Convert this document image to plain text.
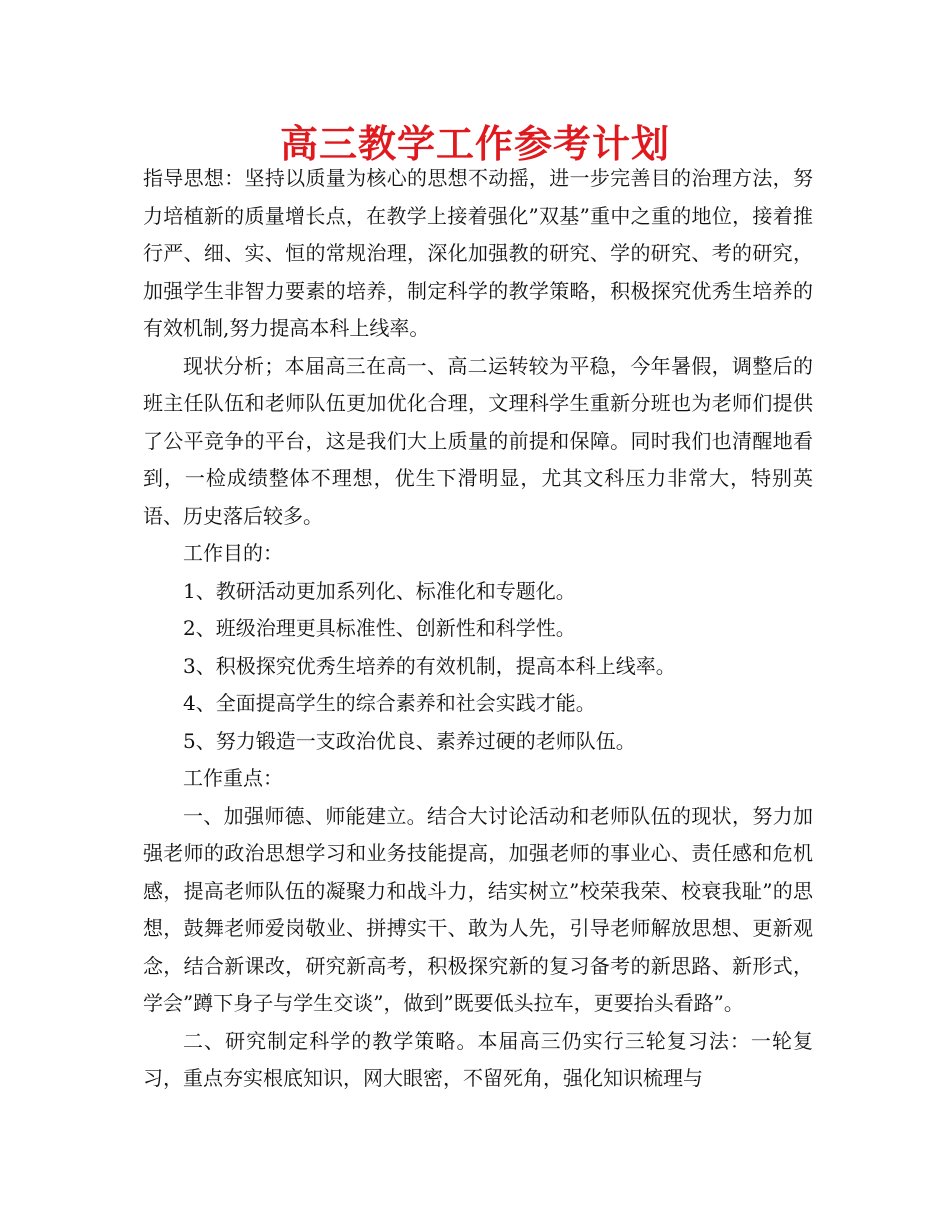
高三教学工作参考计划

指导思想：坚持以质量为核心的思想不动摇，进一步完善目的治理方法，努力培植新的质量增长点，在教学上接着强化”双基”重中之重的地位，接着推行严、细、实、恒的常规治理，深化加强教的研究、学的研究、考的研究，加强学生非智力要素的培养，制定科学的教学策略，积极探究优秀生培养的有效机制,努力提高本科上线率。

现状分析；本届高三在高一、高二运转较为平稳，今年暑假，调整后的班主任队伍和老师队伍更加优化合理，文理科学生重新分班也为老师们提供了公平竞争的平台，这是我们大上质量的前提和保障。同时我们也清醒地看到，一检成绩整体不理想，优生下滑明显，尤其文科压力非常大，特别英语、历史落后较多。

工作目的：

1、教研活动更加系列化、标准化和专题化。

2、班级治理更具标准性、创新性和科学性。

3、积极探究优秀生培养的有效机制，提高本科上线率。

4、全面提高学生的综合素养和社会实践才能。

5、努力锻造一支政治优良、素养过硬的老师队伍。

工作重点：

一、加强师德、师能建立。结合大讨论活动和老师队伍的现状，努力加强老师的政治思想学习和业务技能提高，加强老师的事业心、责任感和危机感，提高老师队伍的凝聚力和战斗力，结实树立”校荣我荣、校衰我耻”的思想，鼓舞老师爱岗敬业、拼搏实干、敢为人先，引导老师解放思想、更新观念，结合新课改，研究新高考，积极探究新的复习备考的新思路、新形式，学会”蹲下身子与学生交谈”，做到”既要低头拉车，更要抬头看路”。

二、研究制定科学的教学策略。本届高三仍实行三轮复习法：一轮复习，重点夯实根底知识，网大眼密，不留死角，强化知识梳理与
